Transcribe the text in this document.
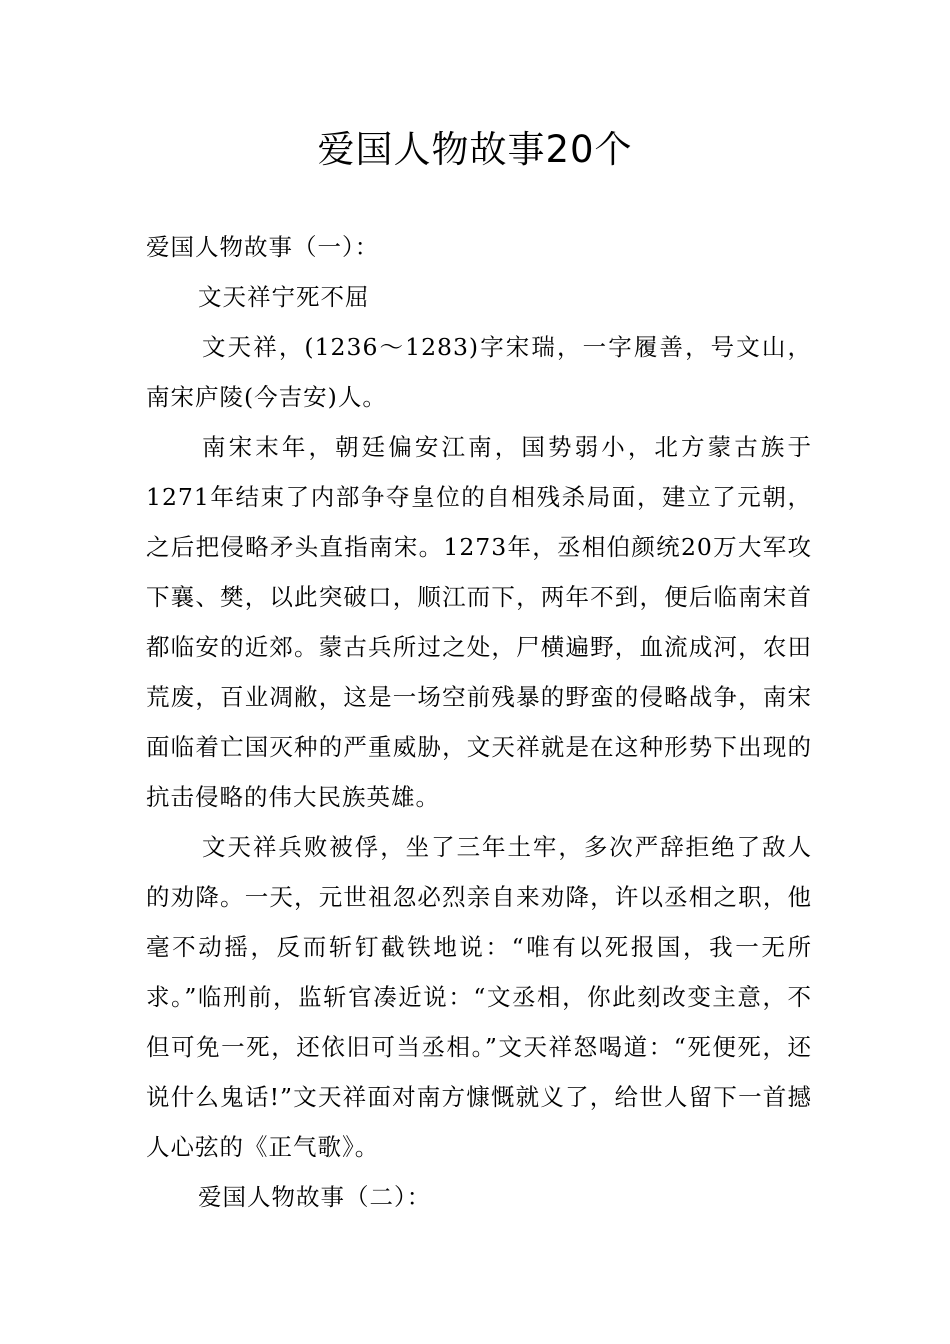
爱国人物故事20个

爱国人物故事（一）：

文天祥宁死不屈

文天祥，(1236～1283)字宋瑞，一字履善，号文山，南宋庐陵(今吉安)人。

南宋末年，朝廷偏安江南，国势弱小，北方蒙古族于1271年结束了内部争夺皇位的自相残杀局面，建立了元朝，之后把侵略矛头直指南宋。1273年，丞相伯颜统20万大军攻下襄、樊，以此突破口，顺江而下，两年不到，便后临南宋首都临安的近郊。蒙古兵所过之处，尸横遍野，血流成河，农田荒废，百业凋敝，这是一场空前残暴的野蛮的侵略战争，南宋面临着亡国灭种的严重威胁，文天祥就是在这种形势下出现的抗击侵略的伟大民族英雄。

文天祥兵败被俘，坐了三年土牢，多次严辞拒绝了敌人的劝降。一天，元世祖忽必烈亲自来劝降，许以丞相之职，他毫不动摇，反而斩钉截铁地说：“唯有以死报国，我一无所求。”临刑前，监斩官凑近说：“文丞相，你此刻改变主意，不但可免一死，还依旧可当丞相。”文天祥怒喝道：“死便死，还说什么鬼话!”文天祥面对南方慷慨就义了，给世人留下一首撼人心弦的《正气歌》。

爱国人物故事（二）：
